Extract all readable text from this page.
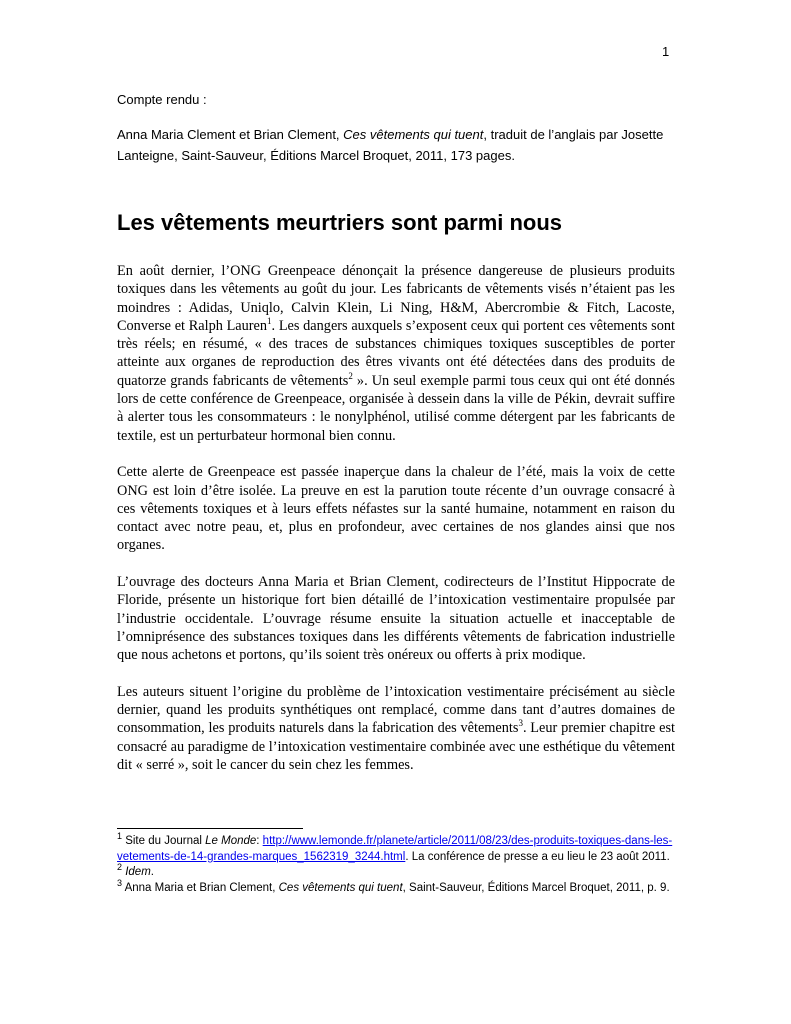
1
Compte rendu :
Anna Maria Clement et Brian Clement, Ces vêtements qui tuent, traduit de l’anglais par Josette Lanteigne, Saint-Sauveur, Éditions Marcel Broquet, 2011, 173 pages.
Les vêtements meurtriers sont parmi nous

En août dernier, l’ONG Greenpeace dénonçait la présence dangereuse de plusieurs produits toxiques dans les vêtements au goût du jour. Les fabricants de vêtements visés n’étaient pas les moindres : Adidas, Uniqlo, Calvin Klein, Li Ning, H&M, Abercrombie & Fitch, Lacoste, Converse et Ralph Lauren$^1$. Les dangers auxquels s’exposent ceux qui portent ces vêtements sont très réels; en résumé, « des traces de substances chimiques toxiques susceptibles de porter atteinte aux organes de reproduction des êtres vivants ont été détectées dans des produits de quatorze grands fabricants de vêtements$^2$ ». Un seul exemple parmi tous ceux qui ont été donnés lors de cette conférence de Greenpeace, organisée à dessein dans la ville de Pékin, devrait suffire à alerter tous les consommateurs : le nonylphénol, utilisé comme détergent par les fabricants de textile, est un perturbateur hormonal bien connu.

Cette alerte de Greenpeace est passée inaperçue dans la chaleur de l’été, mais la voix de cette ONG est loin d’être isolée. La preuve en est la parution toute récente d’un ouvrage consacré à ces vêtements toxiques et à leurs effets néfastes sur la santé humaine, notamment en raison du contact avec notre peau, et, plus en profondeur, avec certaines de nos glandes ainsi que nos organes.

L’ouvrage des docteurs Anna Maria et Brian Clement, codirecteurs de l’Institut Hippocrate de Floride, présente un historique fort bien détaillé de l’intoxication vestimentaire propulsée par l’industrie occidentale. L’ouvrage résume ensuite la situation actuelle et inacceptable de l’omniprésence des substances toxiques dans les différents vêtements de fabrication industrielle que nous achetons et portons, qu’ils soient très onéreux ou offerts à prix modique.

Les auteurs situent l’origine du problème de l’intoxication vestimentaire précisément au siècle dernier, quand les produits synthétiques ont remplacé, comme dans tant d’autres domaines de consommation, les produits naturels dans la fabrication des vêtements$^3$. Leur premier chapitre est consacré au paradigme de l’intoxication vestimentaire combinée avec une esthétique du vêtement dit « serré », soit le cancer du sein chez les femmes.

$^1$ Site du Journal Le Monde: http://www.lemonde.fr/planete/article/2011/08/23/des-produits-toxiques-dans-les-vetements-de-14-grandes-marques_1562319_3244.html. La conférence de presse a eu lieu le 23 août 2011.
$^2$ Idem.
$^3$ Anna Maria et Brian Clement, Ces vêtements qui tuent, Saint-Sauveur, Éditions Marcel Broquet, 2011, p. 9.
